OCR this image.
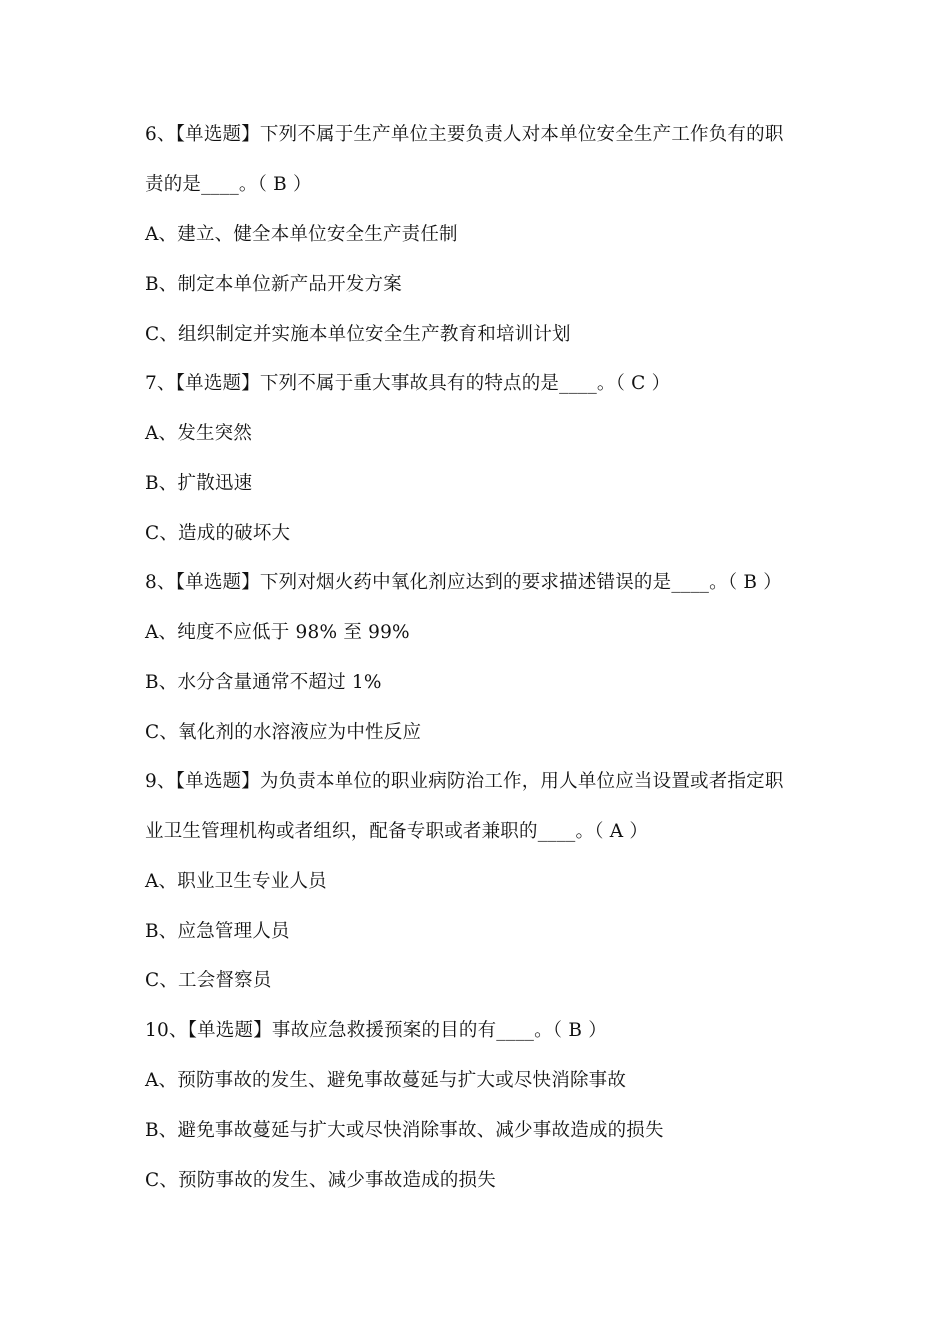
6、【单选题】下列不属于生产单位主要负责人对本单位安全生产工作负有的职
责的是____。（ B ）
A、建立、健全本单位安全生产责任制
B、制定本单位新产品开发方案
C、组织制定并实施本单位安全生产教育和培训计划
7、【单选题】下列不属于重大事故具有的特点的是____。（ C ）
A、发生突然
B、扩散迅速
C、造成的破坏大
8、【单选题】下列对烟火药中氧化剂应达到的要求描述错误的是____。（ B ）
A、纯度不应低于 98% 至 99%
B、水分含量通常不超过 1%
C、氧化剂的水溶液应为中性反应
9、【单选题】为负责本单位的职业病防治工作，用人单位应当设置或者指定职
业卫生管理机构或者组织，配备专职或者兼职的____。（ A ）
A、职业卫生专业人员
B、应急管理人员
C、工会督察员
10、【单选题】事故应急救援预案的目的有____。（ B ）
A、预防事故的发生、避免事故蔓延与扩大或尽快消除事故
B、避免事故蔓延与扩大或尽快消除事故、减少事故造成的损失
C、预防事故的发生、减少事故造成的损失
